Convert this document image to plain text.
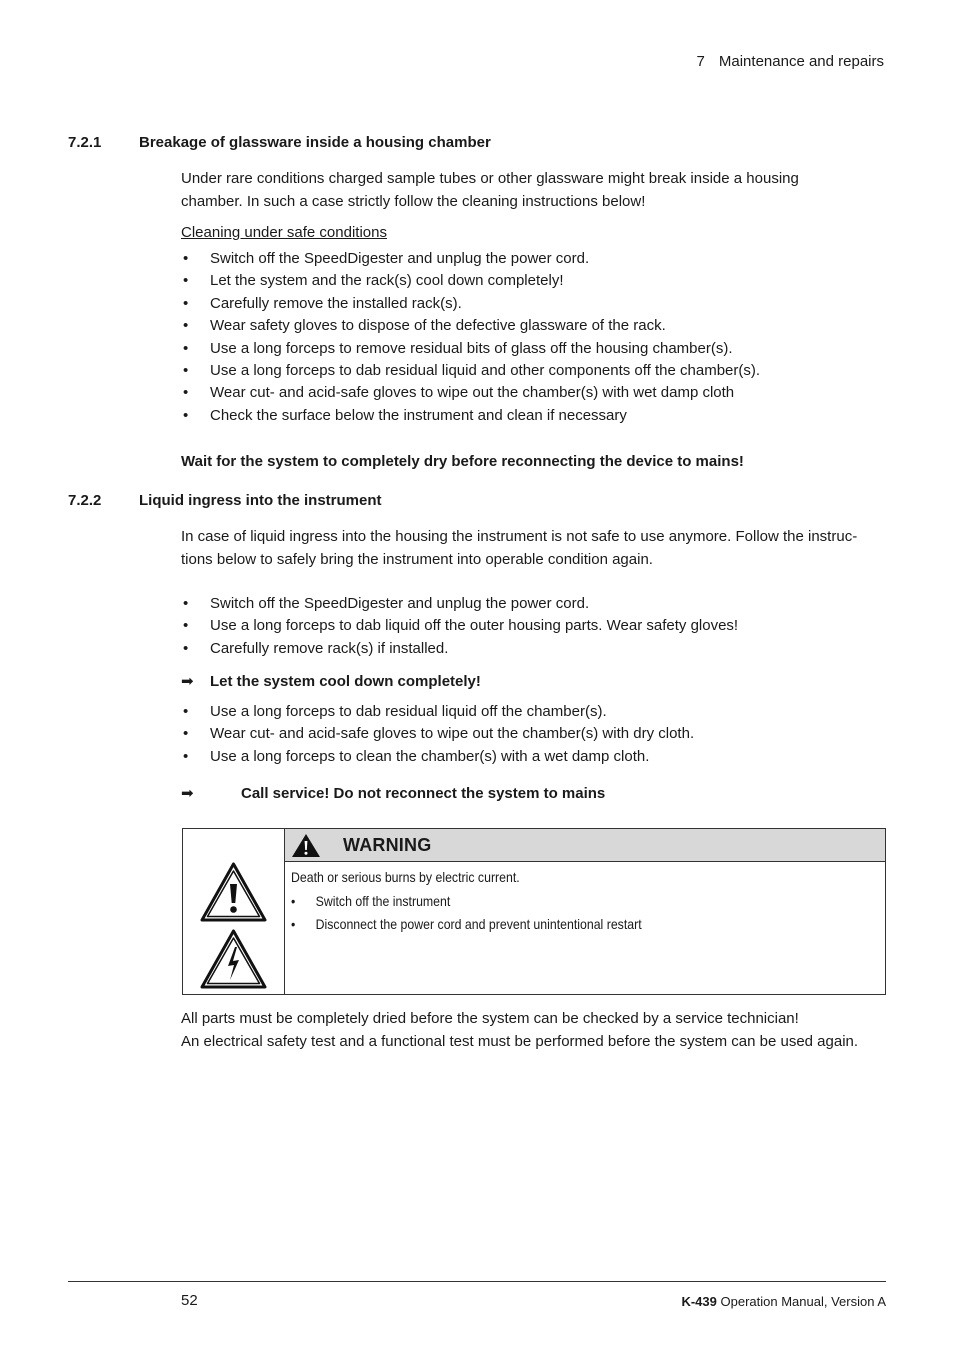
7 Maintenance and repairs
7.2.1	Breakage of glassware inside a housing chamber
Under rare conditions charged sample tubes or other glassware might break inside a housing
chamber. In such a case strictly follow the cleaning instructions below!
Cleaning under safe conditions
• Switch off the SpeedDigester and unplug the power cord.
• Let the system and the rack(s) cool down completely!
• Carefully remove the installed rack(s).
• Wear safety gloves to dispose of the defective glassware of the rack.
• Use a long forceps to remove residual bits of glass off the housing chamber(s).
• Use a long forceps to dab residual liquid and other components off the chamber(s).
• Wear cut- and acid-safe gloves to wipe out the chamber(s) with wet damp cloth
• Check the surface below the instrument and clean if necessary
Wait for the system to completely dry before reconnecting the device to mains!
7.2.2	Liquid ingress into the instrument
In case of liquid ingress into the housing the instrument is not safe to use anymore. Follow the instruc-
tions below to safely bring the instrument into operable condition again.
• Switch off the SpeedDigester and unplug the power cord.
• Use a long forceps to dab liquid off the outer housing parts. Wear safety gloves!
• Carefully remove rack(s) if installed.
➡ Let the system cool down completely!
• Use a long forceps to dab residual liquid off the chamber(s).
• Wear cut- and acid-safe gloves to wipe out the chamber(s) with dry cloth.
• Use a long forceps to clean the chamber(s) with a wet damp cloth.
➡	Call service! Do not reconnect the system to mains
WARNING
Death or serious burns by electric current.
• Switch off the instrument
• Disconnect the power cord and prevent unintentional restart
All parts must be completely dried before the system can be checked by a service technician!
An electrical safety test and a functional test must be performed before the system can be used again.
52	K-439 Operation Manual, Version A
